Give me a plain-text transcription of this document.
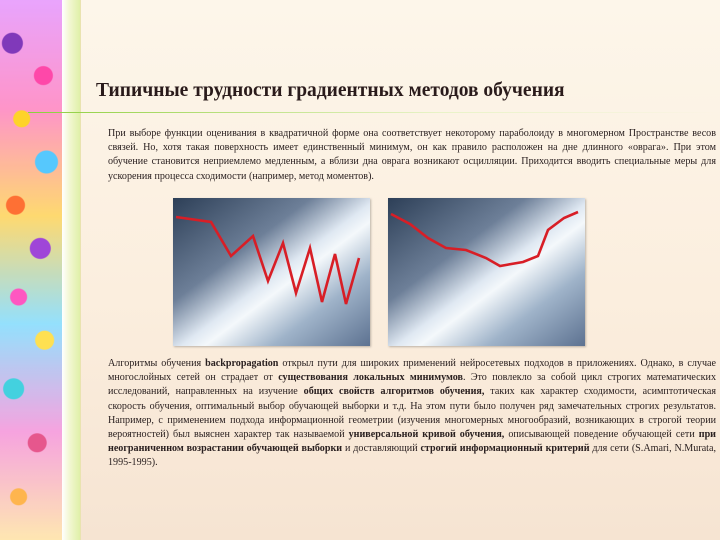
Типичные трудности градиентных методов обучения
При выборе функции оценивания в квадратичной форме она соответствует некоторому параболоиду в многомерном Пространстве весов связей. Но, хотя такая поверхность имеет единственный минимум, он как правило расположен на дне длинного «оврага». При этом обучение становится неприемлемо медленным, а вблизи дна оврага возникают осцилляции. Приходится вводить специальные меры для ускорения процесса сходимости (например, метод моментов).
Алгоритмы обучения backpropagation открыл пути для широких применений нейросетевых подходов в приложениях. Однако, в случае многослойных сетей он страдает от существования локальных минимумов. Это повлекло за собой цикл строгих математических исследований, направленных на изучение общих свойств алгоритмов обучения, таких как характер сходимости, асимптотическая скорость обучения, оптимальный выбор обучающей выборки и т.д. На этом пути было получен ряд замечательных строгих результатов. Например, с применением подхода информационной геометрии (изучения многомерных многообразий, возникающих в строгой теории вероятностей) был выяснен характер так называемой универсальной кривой обучения, описывающей поведение обучающей сети при неограниченном возрастании обучающей выборки и доставляющий строгий информационный критерий для сети (S.Amari, N.Murata, 1995-1995).
